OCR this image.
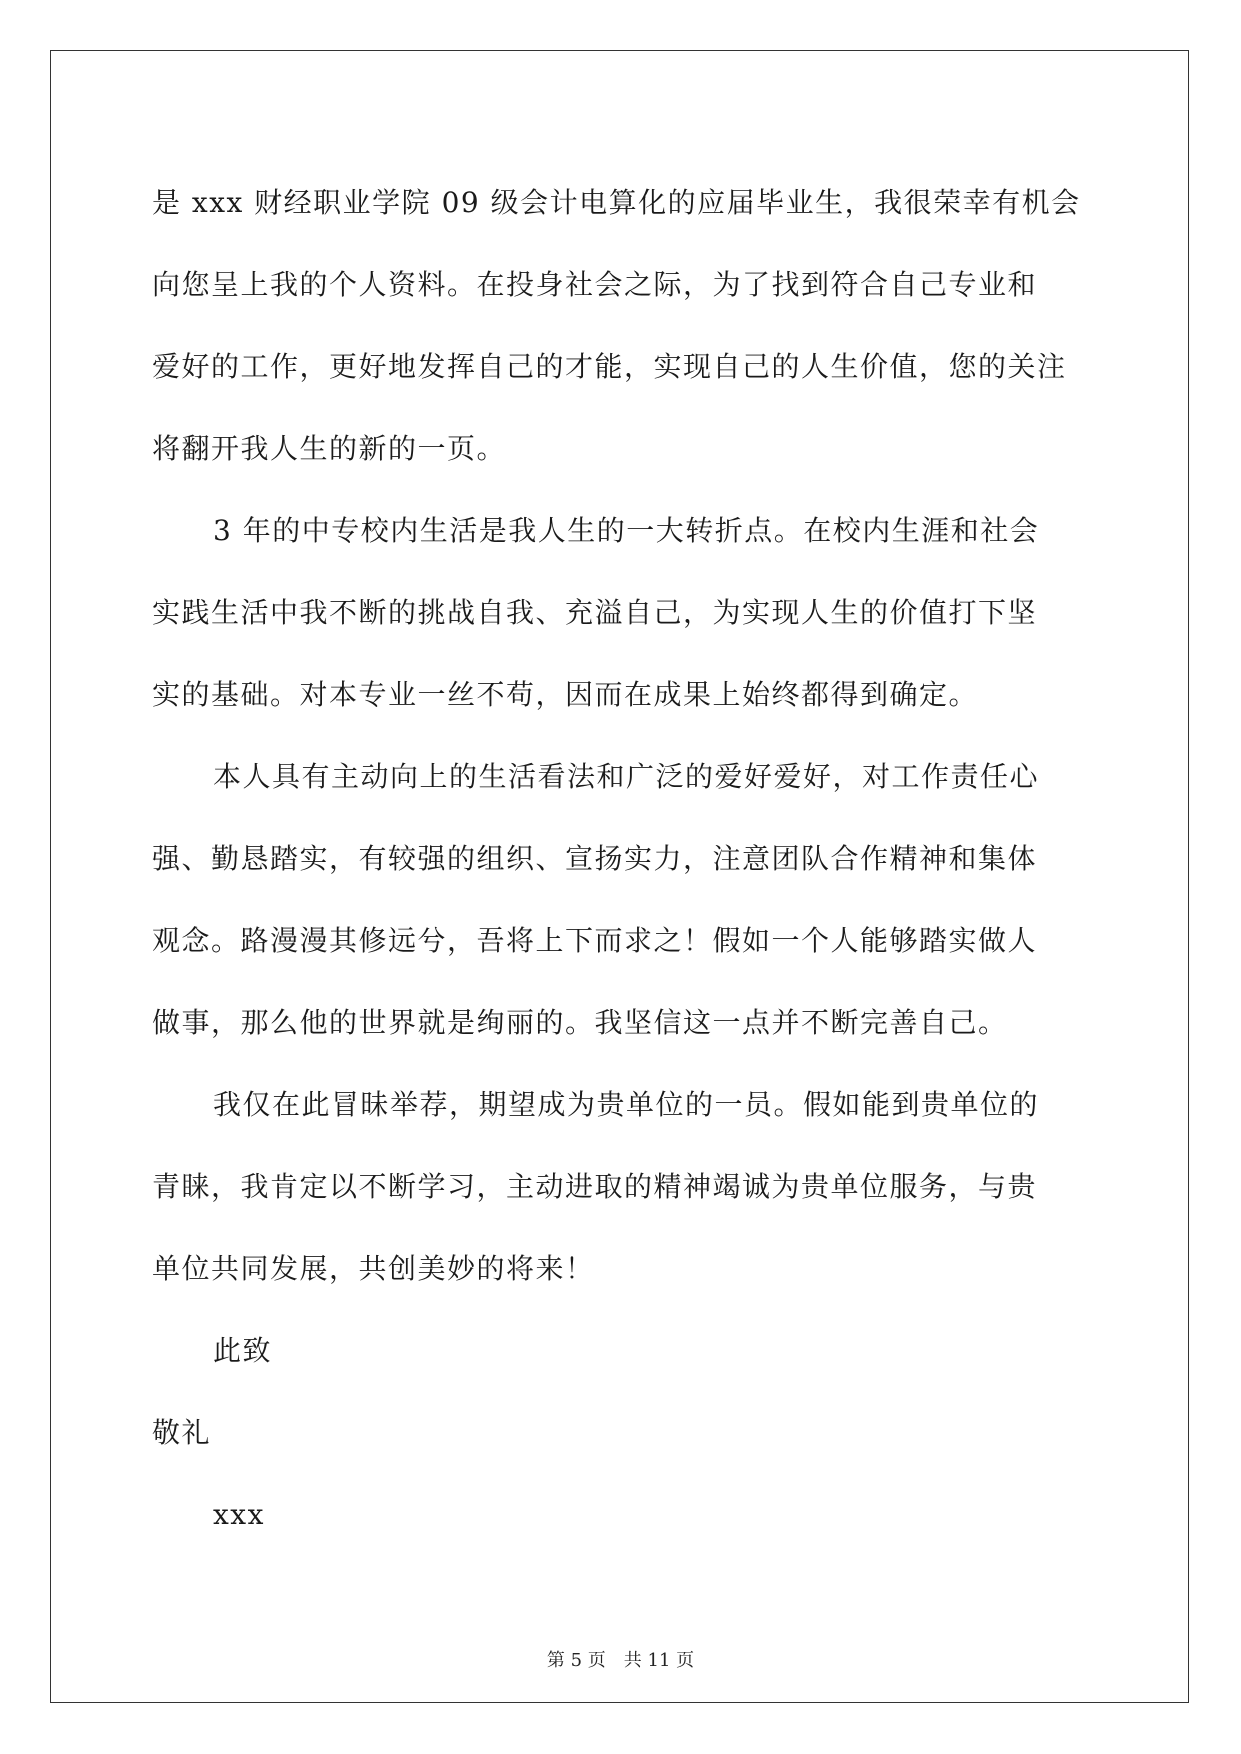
是 xxx 财经职业学院 09 级会计电算化的应届毕业生，我很荣幸有机会
向您呈上我的个人资料。在投身社会之际，为了找到符合自己专业和
爱好的工作，更好地发挥自己的才能，实现自己的人生价值，您的关注
将翻开我人生的新的一页。
3 年的中专校内生活是我人生的一大转折点。在校内生涯和社会
实践生活中我不断的挑战自我、充溢自己，为实现人生的价值打下坚
实的基础。对本专业一丝不苟，因而在成果上始终都得到确定。
本人具有主动向上的生活看法和广泛的爱好爱好，对工作责任心
强、勤恳踏实，有较强的组织、宣扬实力，注意团队合作精神和集体
观念。路漫漫其修远兮，吾将上下而求之！假如一个人能够踏实做人
做事，那么他的世界就是绚丽的。我坚信这一点并不断完善自己。
我仅在此冒昧举荐，期望成为贵单位的一员。假如能到贵单位的
青睐，我肯定以不断学习，主动进取的精神竭诚为贵单位服务，与贵
单位共同发展，共创美妙的将来！
此致
敬礼
xxx
第 5 页 共 11 页
